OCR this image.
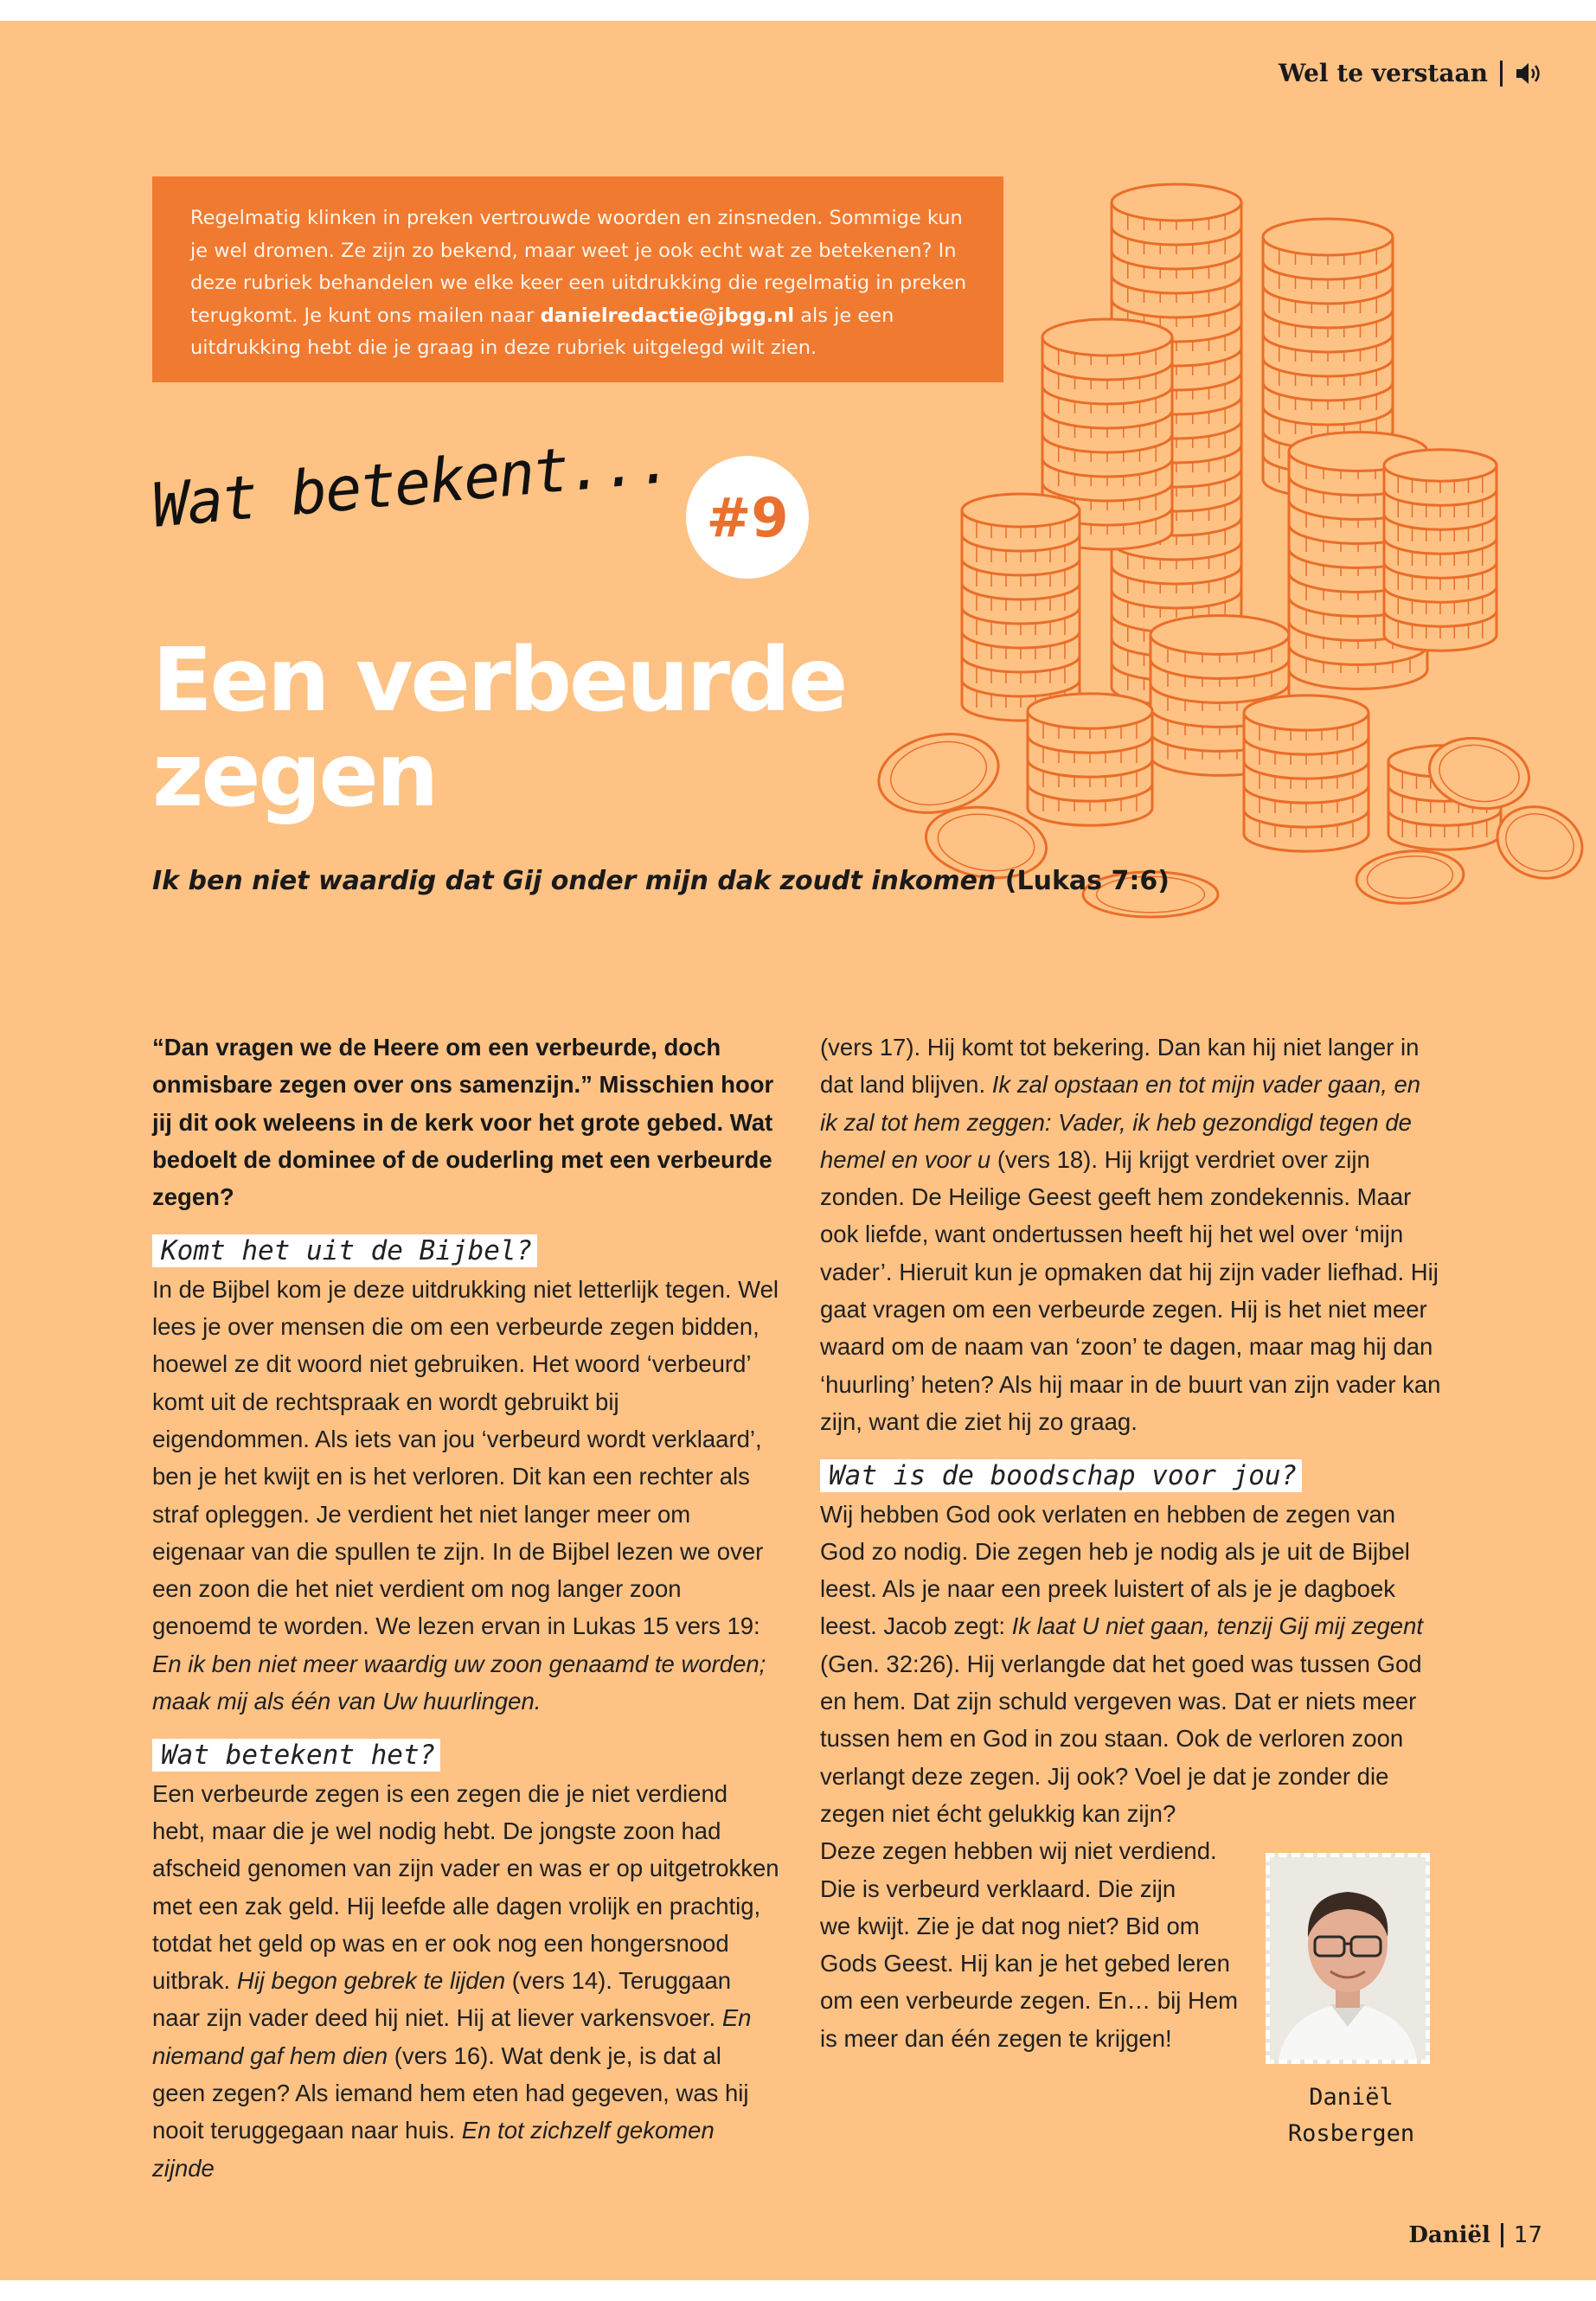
Wel te verstaan
Regelmatig klinken in preken vertrouwde woorden en zinsneden. Sommige kun je wel dromen. Ze zijn zo bekend, maar weet je ook echt wat ze betekenen? In deze rubriek behandelen we elke keer een uitdrukking die regelmatig in preken terugkomt. Je kunt ons mailen naar danielredactie@jbgg.nl als je een uitdrukking hebt die je graag in deze rubriek uitgelegd wilt zien.
Wat betekent... #9
Een verbeurde
zegen
Ik ben niet waardig dat Gij onder mijn dak zoudt inkomen (Lukas 7:6)

“Dan vragen we de Heere om een verbeurde, doch onmisbare zegen over ons samenzijn.” Misschien hoor jij dit ook weleens in de kerk voor het grote gebed. Wat bedoelt de dominee of de ouderling met een verbeurde zegen?

Komt het uit de Bijbel?

In de Bijbel kom je deze uitdrukking niet letterlijk tegen. Wel lees je over mensen die om een verbeurde zegen bidden, hoewel ze dit woord niet gebruiken. Het woord ‘verbeurd’ komt uit de rechtspraak en wordt gebruikt bij eigendommen. Als iets van jou ‘verbeurd wordt verklaard’, ben je het kwijt en is het verloren. Dit kan een rechter als straf opleggen. Je verdient het niet langer meer om eigenaar van die spullen te zijn. In de Bijbel lezen we over een zoon die het niet verdient om nog langer zoon genoemd te worden. We lezen ervan in Lukas 15 vers 19: En ik ben niet meer waardig uw zoon genaamd te worden; maak mij als één van Uw huurlingen.

Wat betekent het?

Een verbeurde zegen is een zegen die je niet verdiend hebt, maar die je wel nodig hebt. De jongste zoon had afscheid genomen van zijn vader en was er op uitgetrokken met een zak geld. Hij leefde alle dagen vrolijk en prachtig, totdat het geld op was en er ook nog een hongersnood uitbrak. Hij begon gebrek te lijden (vers 14). Teruggaan naar zijn vader deed hij niet. Hij at liever varkensvoer. En niemand gaf hem dien (vers 16). Wat denk je, is dat al geen zegen? Als iemand hem eten had gegeven, was hij nooit teruggegaan naar huis. En tot zichzelf gekomen zijnde

(vers 17). Hij komt tot bekering. Dan kan hij niet langer in dat land blijven. Ik zal opstaan en tot mijn vader gaan, en ik zal tot hem zeggen: Vader, ik heb gezondigd tegen de hemel en voor u (vers 18). Hij krijgt verdriet over zijn zonden. De Heilige Geest geeft hem zondekennis. Maar ook liefde, want ondertussen heeft hij het wel over ‘mijn vader’. Hieruit kun je opmaken dat hij zijn vader liefhad. Hij gaat vragen om een verbeurde zegen. Hij is het niet meer waard om de naam van ‘zoon’ te dagen, maar mag hij dan ‘huurling’ heten? Als hij maar in de buurt van zijn vader kan zijn, want die ziet hij zo graag.

Wat is de boodschap voor jou?

Wij hebben God ook verlaten en hebben de zegen van God zo nodig. Die zegen heb je nodig als je uit de Bijbel leest. Als je naar een preek luistert of als je je dagboek leest. Jacob zegt: Ik laat U niet gaan, tenzij Gij mij zegent (Gen. 32:26). Hij verlangde dat het goed was tussen God en hem. Dat zijn schuld vergeven was. Dat er niets meer tussen hem en God in zou staan. Ook de verloren zoon verlangt deze zegen. Jij ook? Voel je dat je zonder die zegen niet écht gelukkig kan zijn?

Deze zegen hebben wij niet verdiend.
Die is verbeurd verklaard. Die zijn
we kwijt. Zie je dat nog niet? Bid om
Gods Geest. Hij kan je het gebed leren
om een verbeurde zegen. En… bij Hem
is meer dan één zegen te krijgen!
Daniël
Rosbergen
Daniël 17
